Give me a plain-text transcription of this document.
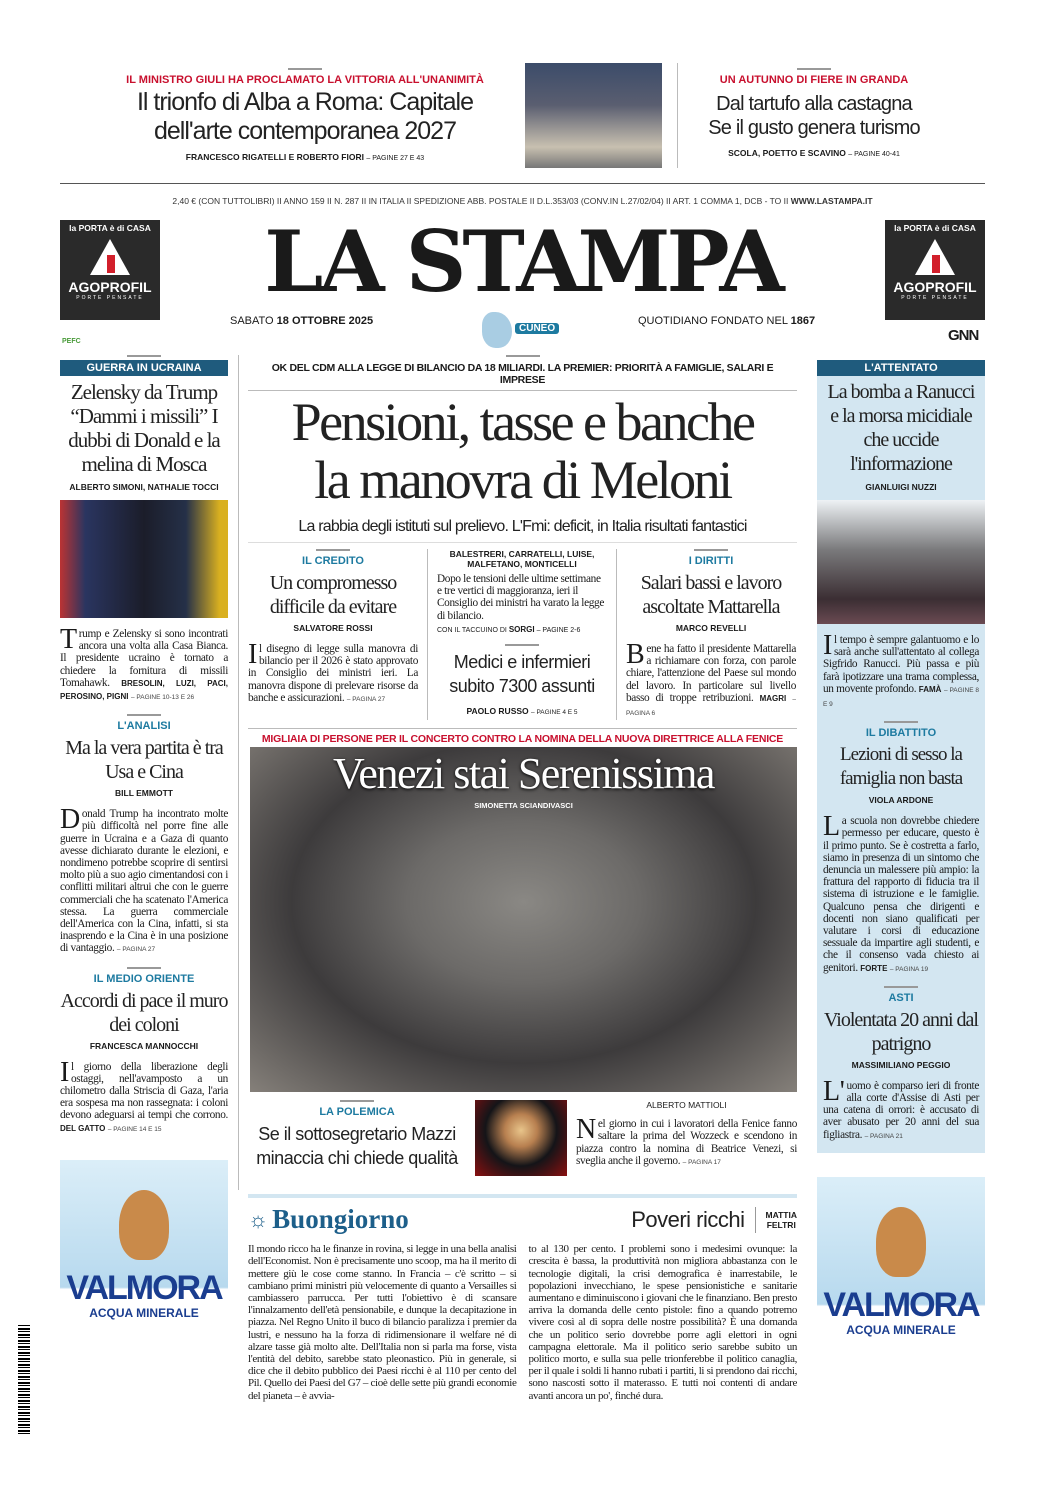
IL MINISTRO GIULI HA PROCLAMATO LA VITTORIA ALL'UNANIMITÀ
Il trionfo di Alba a Roma: Capitale
dell'arte contemporanea 2027
FRANCESCO RIGATELLI E ROBERTO FIORI – PAGINE 27 E 43
UN AUTUNNO DI FIERE IN GRANDA
Dal tartufo alla castagna
Se il gusto genera turismo
SCOLA, POETTO E SCAVINO – PAGINE 40-41
2,40 € (CON TUTTOLIBRI) II ANNO 159 II N. 287 II IN ITALIA II SPEDIZIONE ABB. POSTALE II D.L.353/03 (CONV.IN L.27/02/04) II ART. 1 COMMA 1, DCB - TO II WWW.LASTAMPA.IT
la PORTA è di CASA
AGOPROFIL
PORTE PENSATE
PEFC
la PORTA è di CASA
AGOPROFIL
PORTE PENSATE
GNN
LA STAMPA
SABATO 18 OTTOBRE 2025
CUNEO
QUOTIDIANO FONDATO NEL 1867
GUERRA IN UCRAINA
Zelensky da Trump “Dammi i missili” I dubbi di Donald e la melina di Mosca
ALBERTO SIMONI, NATHALIE TOCCI
Trump e Zelensky si sono incontrati ancora una volta alla Casa Bianca. Il presidente ucraino è tornato a chiedere la fornitura di missili Tomahawk. BRESOLIN, LUZI, PACI, PEROSINO, PIGNI – PAGINE 10-13 E 26
L'ANALISI
Ma la vera partita è tra Usa e Cina
BILL EMMOTT
Donald Trump ha incontrato molte più difficoltà nel porre fine alle guerre in Ucraina e a Gaza di quanto avesse dichiarato durante le elezioni, e nondimeno potrebbe scoprire di sentirsi molto più a suo agio cimentandosi con i conflitti militari altrui che con le guerre commerciali che ha scatenato l'America stessa. La guerra commerciale dell'America con la Cina, infatti, si sta inasprendo e la Cina è in una posizione di vantaggio. – PAGINA 27
IL MEDIO ORIENTE
Accordi di pace il muro dei coloni
FRANCESCA MANNOCCHI
Il giorno della liberazione degli ostaggi, nell'avamposto a un chilometro dalla Striscia di Gaza, l'aria era sospesa ma non rassegnata: i coloni devono adeguarsi ai tempi che corrono. DEL GATTO – PAGINE 14 E 15
VALMORA
ACQUA MINERALE
OK DEL CDM ALLA LEGGE DI BILANCIO DA 18 MILIARDI. LA PREMIER: PRIORITÀ A FAMIGLIE, SALARI E IMPRESE
Pensioni, tasse e banche
la manovra di Meloni
La rabbia degli istituti sul prelievo. L'Fmi: deficit, in Italia risultati fantastici
IL CREDITO
Un compromesso difficile da evitare
SALVATORE ROSSI
Il disegno di legge sulla manovra di bilancio per il 2026 è stato approvato in Consiglio dei ministri ieri. La manovra dispone di prelevare risorse da banche e assicurazioni. – PAGINA 27
BALESTRERI, CARRATELLI, LUISE, MALFETANO, MONTICELLI
Dopo le tensioni delle ultime settimane e tre vertici di maggioranza, ieri il Consiglio dei ministri ha varato la legge di bilancio.
CON IL TACCUINO DI SORGI – PAGINE 2-6
Medici e infermieri subito 7300 assunti
PAOLO RUSSO – PAGINE 4 E 5
I DIRITTI
Salari bassi e lavoro ascoltate Mattarella
MARCO REVELLI
Bene ha fatto il presidente Mattarella a richiamare con forza, con parole chiare, l'attenzione del Paese sul mondo del lavoro. In particolare sul livello basso di troppe retribuzioni. MAGRI – PAGINA 6
MIGLIAIA DI PERSONE PER IL CONCERTO CONTRO LA NOMINA DELLA NUOVA DIRETTRICE ALLA FENICE
Venezi stai Serenissima
SIMONETTA SCIANDIVASCI
LA POLEMICA
Se il sottosegretario Mazzi minaccia chi chiede qualità
ALBERTO MATTIOLI
Nel giorno in cui i lavoratori della Fenice fanno saltare la prima del Wozzeck e scendono in piazza contro la nomina di Beatrice Venezi, si sveglia anche il governo. – PAGINA 17
☼ Buongiorno	Poveri ricchi	MATTIA
FELTRI
Il mondo ricco ha le finanze in rovina, si legge in una bella analisi dell'Economist. Non è precisamente uno scoop, ma ha il merito di mettere giù le cose come stanno. In Francia – c'è scritto – si cambiano primi ministri più velocemente di quanto a Versailles si cambiassero parrucca. Per tutti l'obiettivo è di scansare l'innalzamento dell'età pensionabile, e dunque la decapitazione in piazza. Nel Regno Unito il buco di bilancio paralizza i premier da lustri, e nessuno ha la forza di ridimensionare il welfare né di alzare tasse già molto alte. Dell'Italia non si parla ma forse, vista l'entità del debito, sarebbe stato pleonastico. Più in generale, si dice che il debito pubblico dei Paesi ricchi è al 110 per cento del Pil. Quello dei Paesi del G7 – cioè delle sette più grandi economie del pianeta – è avvia-
to al 130 per cento. I problemi sono i medesimi ovunque: la crescita è bassa, la produttività non migliora abbastanza con le tecnologie digitali, la crisi demografica è inarrestabile, le popolazioni invecchiano, le spese pensionistiche e sanitarie aumentano e diminuiscono i giovani che le finanziano. Ben presto arriva la domanda delle cento pistole: fino a quando potremo vivere così al di sopra delle nostre possibilità? È una domanda che un politico serio dovrebbe porre agli elettori in ogni campagna elettorale. Ma il politico serio sarebbe subito un politico morto, e sulla sua pelle trionferebbe il politico canaglia, per il quale i soldi li hanno rubati i partiti, li si prendono dai ricchi, sono nascosti sotto il materasso. E tutti noi contenti di andare avanti ancora un po', finché dura.
L'ATTENTATO
La bomba a Ranucci e la morsa micidiale che uccide l'informazione
GIANLUIGI NUZZI
Il tempo è sempre galantuomo e lo sarà anche sull'attentato al collega Sigfrido Ranucci. Più passa e più farà ipotizzare una trama complessa, un movente profondo. FAMÀ – PAGINE 8 E 9
IL DIBATTITO
Lezioni di sesso la famiglia non basta
VIOLA ARDONE
La scuola non dovrebbe chiedere permesso per educare, questo è il primo punto. Se è costretta a farlo, siamo in presenza di un sintomo che denuncia un malessere più ampio: la frattura del rapporto di fiducia tra il sistema di istruzione e le famiglie. Qualcuno pensa che dirigenti e docenti non siano qualificati per valutare i corsi di educazione sessuale da impartire agli studenti, e che il consenso vada chiesto ai genitori. FORTE – PAGINA 19
ASTI
Violentata 20 anni dal patrigno
MASSIMILIANO PEGGIO
L'uomo è comparso ieri di fronte alla corte d'Assise di Asti per una catena di orrori: è accusato di aver abusato per 20 anni del sua figliastra. – PAGINA 21
VALMORA
ACQUA MINERALE
